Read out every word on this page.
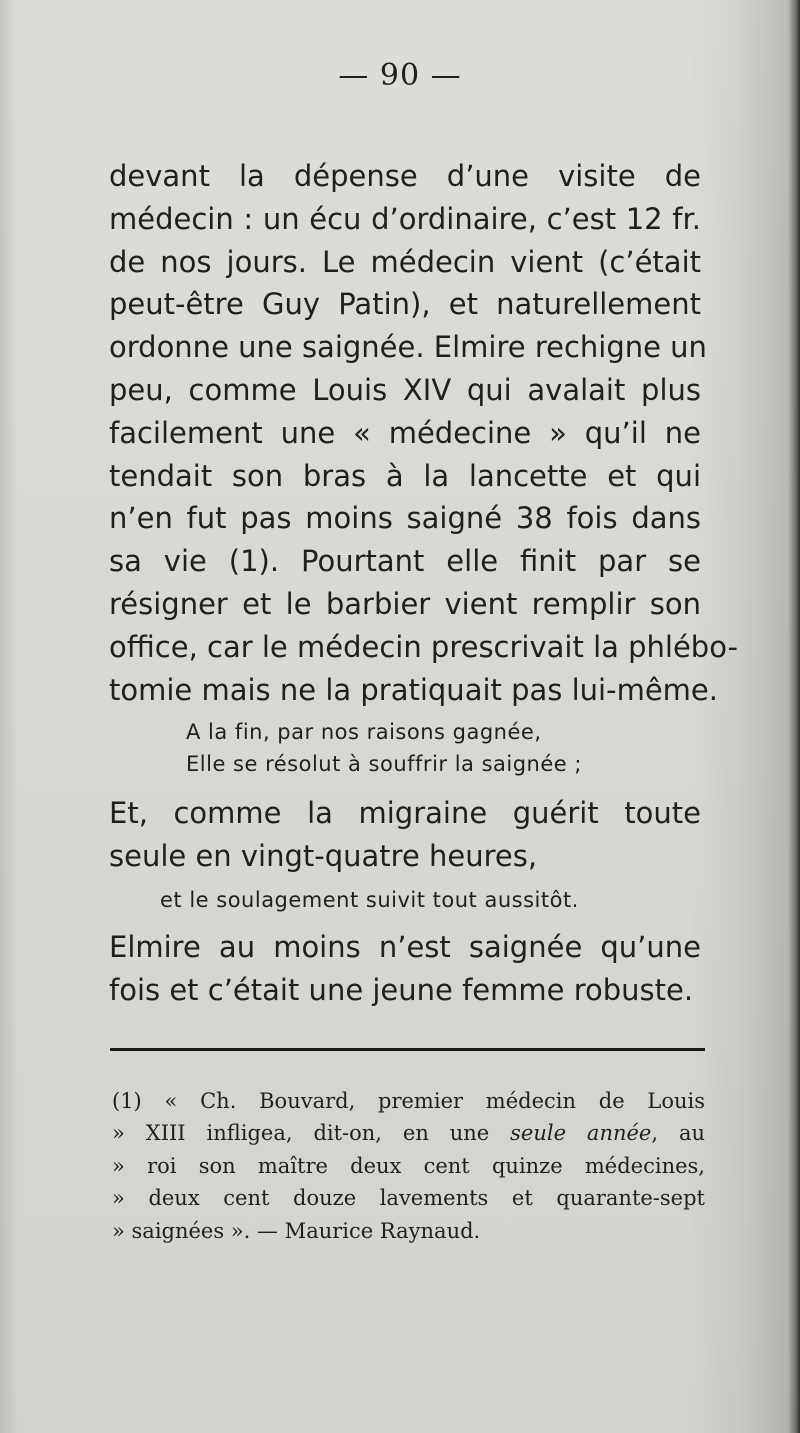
— 90 —
devant la dépense d’une visite de
médecin : un écu d’ordinaire, c’est 12 fr.
de nos jours. Le médecin vient (c’était
peut-être Guy Patin), et naturellement
ordonne une saignée. Elmire rechigne un
peu, comme Louis XIV qui avalait plus
facilement une « médecine » qu’il ne
tendait son bras à la lancette et qui
n’en fut pas moins saigné 38 fois dans
sa vie (1). Pourtant elle finit par se
résigner et le barbier vient remplir son
office, car le médecin prescrivait la phlébo-
tomie mais ne la pratiquait pas lui-même.
A la fin, par nos raisons gagnée,
Elle se résolut à souffrir la saignée ;
Et, comme la migraine guérit toute
seule en vingt-quatre heures,
et le soulagement suivit tout aussitôt.
Elmire au moins n’est saignée qu’une
fois et c’était une jeune femme robuste.
(1) « Ch. Bouvard, premier médecin de Louis
» XIII infligea, dit-on, en une seule année, au
» roi son maître deux cent quinze médecines,
» deux cent douze lavements et quarante-sept
» saignées ». — Maurice Raynaud.
